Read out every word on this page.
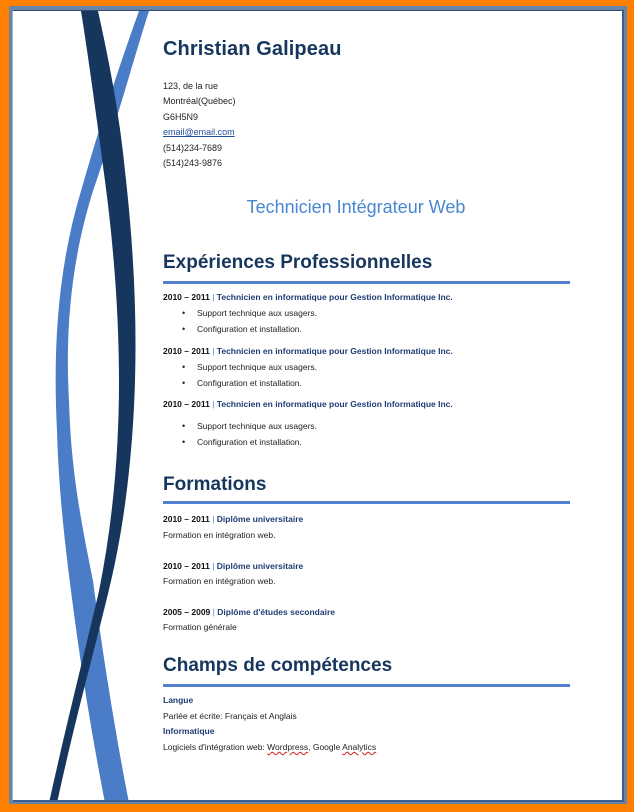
Christian Galipeau
123, de la rue
Montréal(Québec)
G6H5N9
email@email.com
(514)234-7689
(514)243-9876
Technicien Intégrateur Web
Expériences Professionnelles
2010 – 2011 | Technicien en informatique pour Gestion Informatique Inc.
• Support technique aux usagers.
• Configuration et installation.
2010 – 2011 | Technicien en informatique pour Gestion Informatique Inc.
• Support technique aux usagers.
• Configuration et installation.
2010 – 2011 | Technicien en informatique pour Gestion Informatique Inc.
• Support technique aux usagers.
• Configuration et installation.
Formations
2010 – 2011 | Diplôme universitaire
Formation en intégration web.
2010 – 2011 | Diplôme universitaire
Formation en intégration web.
2005 – 2009 | Diplôme d'études secondaire
Formation générale
Champs de compétences
Langue
Parlée et écrite: Français et Anglais
Informatique
Logiciels d'intégration web: Wordpress, Google Analytics
